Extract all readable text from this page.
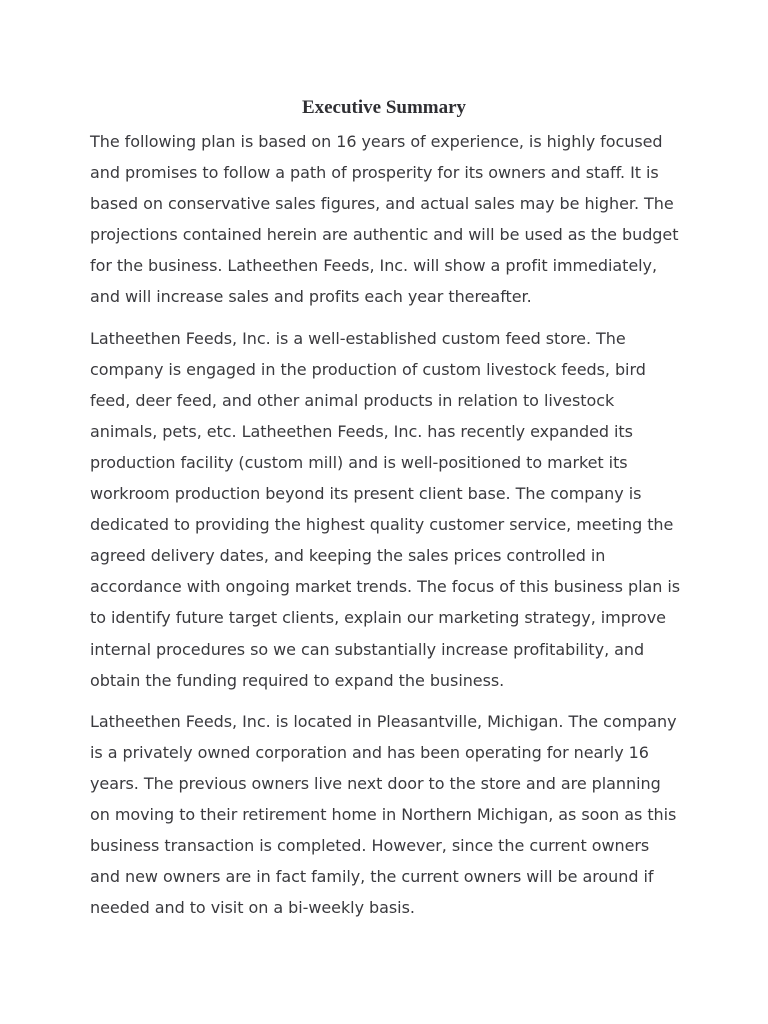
Executive Summary

The following plan is based on 16 years of experience, is highly focused and promises to follow a path of prosperity for its owners and staff. It is based on conservative sales figures, and actual sales may be higher. The projections contained herein are authentic and will be used as the budget for the business. Latheethen Feeds, Inc. will show a profit immediately, and will increase sales and profits each year thereafter.

Latheethen Feeds, Inc. is a well-established custom feed store. The company is engaged in the production of custom livestock feeds, bird feed, deer feed, and other animal products in relation to livestock animals, pets, etc. Latheethen Feeds, Inc. has recently expanded its production facility (custom mill) and is well-positioned to market its workroom production beyond its present client base. The company is dedicated to providing the highest quality customer service, meeting the agreed delivery dates, and keeping the sales prices controlled in accordance with ongoing market trends. The focus of this business plan is to identify future target clients, explain our marketing strategy, improve internal procedures so we can substantially increase profitability, and obtain the funding required to expand the business.

Latheethen Feeds, Inc. is located in Pleasantville, Michigan. The company is a privately owned corporation and has been operating for nearly 16 years. The previous owners live next door to the store and are planning on moving to their retirement home in Northern Michigan, as soon as this business transaction is completed. However, since the current owners and new owners are in fact family, the current owners will be around if needed and to visit on a bi-weekly basis.
